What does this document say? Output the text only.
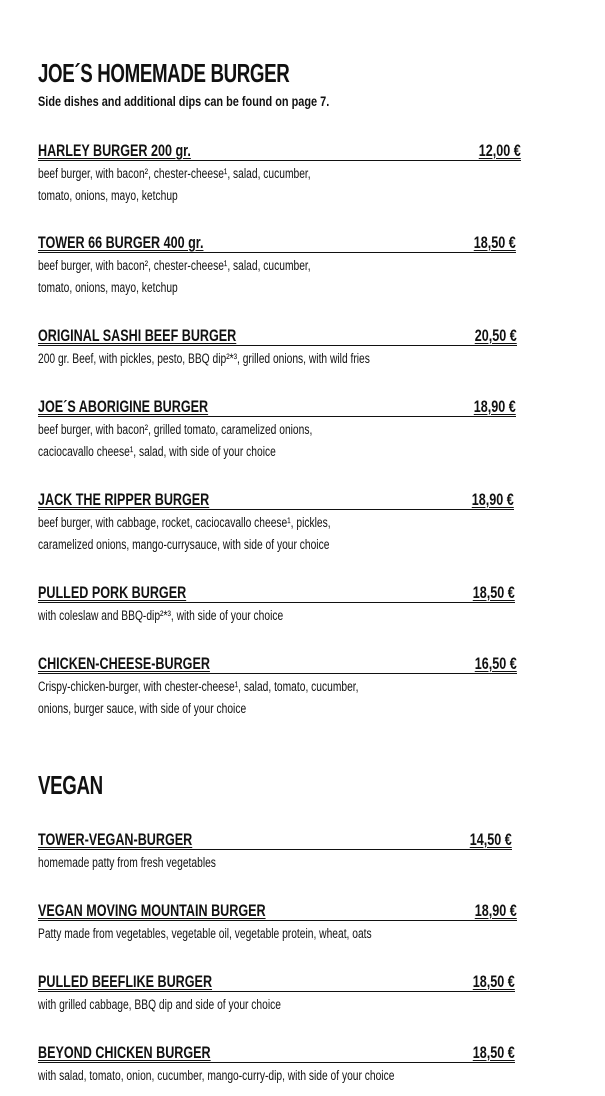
JOE´S HOMEMADE BURGER

Side dishes and additional dips can be found on page 7.

HARLEY BURGER 200 gr.	12,00 €
beef burger, with bacon², chester-cheese¹, salad, cucumber,
tomato, onions, mayo, ketchup
TOWER 66 BURGER 400 gr.	18,50 €
beef burger, with bacon², chester-cheese¹, salad, cucumber,
tomato, onions, mayo, ketchup
ORIGINAL SASHI BEEF BURGER	20,50 €
200 gr. Beef, with pickles, pesto, BBQ dip²*³, grilled onions, with wild fries
JOE´S ABORIGINE BURGER	18,90 €
beef burger, with bacon², grilled tomato, caramelized onions,
caciocavallo cheese¹, salad, with side of your choice
JACK THE RIPPER BURGER	18,90 €
beef burger, with cabbage, rocket, caciocavallo cheese¹, pickles,
caramelized onions, mango-currysauce, with side of your choice
PULLED PORK BURGER	18,50 €
with coleslaw and BBQ-dip²*³, with side of your choice
CHICKEN-CHEESE-BURGER	16,50 €
Crispy-chicken-burger, with chester-cheese¹, salad, tomato, cucumber,
onions, burger sauce, with side of your choice
VEGAN
TOWER-VEGAN-BURGER	14,50 €
homemade patty from fresh vegetables
VEGAN MOVING MOUNTAIN BURGER	18,90 €
Patty made from vegetables, vegetable oil, vegetable protein, wheat, oats
PULLED BEEFLIKE BURGER	18,50 €
with grilled cabbage, BBQ dip and side of your choice
BEYOND CHICKEN BURGER	18,50 €
with salad, tomato, onion, cucumber, mango-curry-dip, with side of your choice
